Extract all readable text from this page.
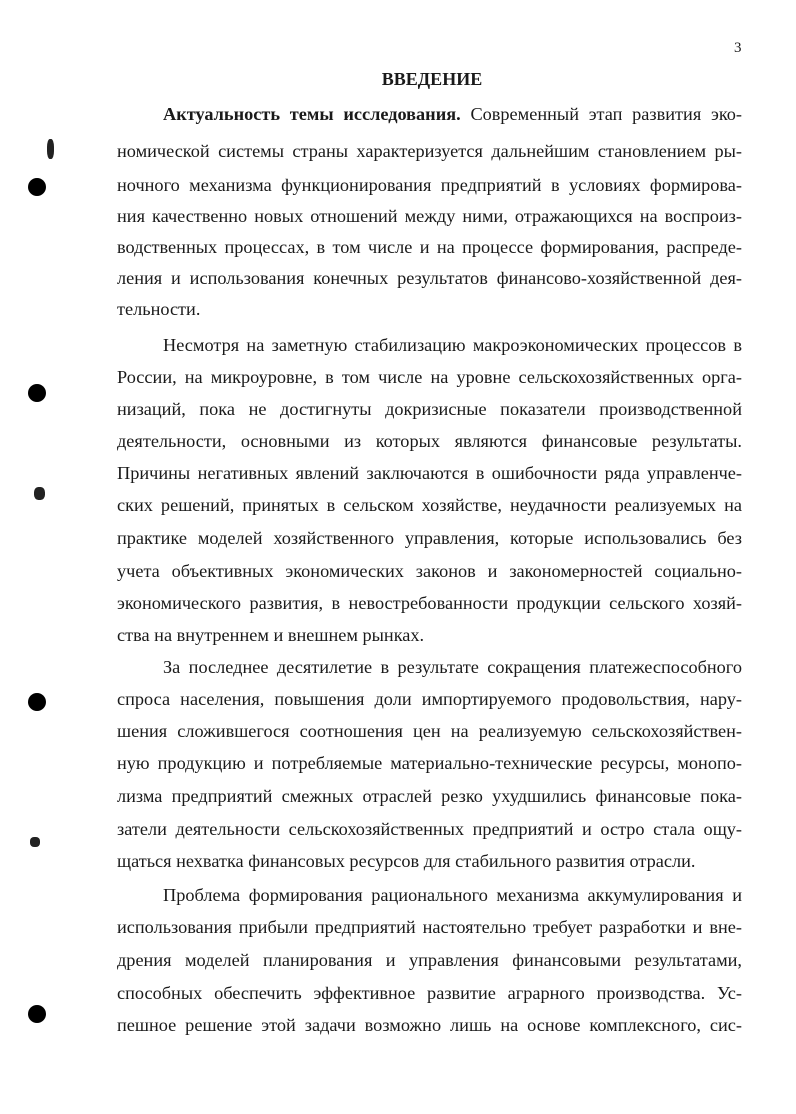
3
ВВЕДЕНИЕ
Актуальность темы исследования. Современный этап развития эко-
номической системы страны характеризуется дальнейшим становлением ры-
ночного механизма функционирования предприятий в условиях формирова-
ния качественно новых отношений между ними, отражающихся на воспроиз-
водственных процессах, в том числе и на процессе формирования, распреде-
ления и использования конечных результатов финансово-хозяйственной дея-
тельности.
Несмотря на заметную стабилизацию макроэкономических процессов в
России, на микроуровне, в том числе на уровне сельскохозяйственных орга-
низаций, пока не достигнуты докризисные показатели производственной
деятельности, основными из которых являются финансовые результаты.
Причины негативных явлений заключаются в ошибочности ряда управленче-
ских решений, принятых в сельском хозяйстве, неудачности реализуемых на
практике моделей хозяйственного управления, которые использовались без
учета объективных экономических законов и закономерностей социально-
экономического развития, в невостребованности продукции сельского хозяй-
ства на внутреннем и внешнем рынках.
За последнее десятилетие в результате сокращения платежеспособного
спроса населения, повышения доли импортируемого продовольствия, нару-
шения сложившегося соотношения цен на реализуемую сельскохозяйствен-
ную продукцию и потребляемые материально-технические ресурсы, монопо-
лизма предприятий смежных отраслей резко ухудшились финансовые пока-
затели деятельности сельскохозяйственных предприятий и остро стала ощу-
щаться нехватка финансовых ресурсов для стабильного развития отрасли.
Проблема формирования рационального механизма аккумулирования и
использования прибыли предприятий настоятельно требует разработки и вне-
дрения моделей планирования и управления финансовыми результатами,
способных обеспечить эффективное развитие аграрного производства. Ус-
пешное решение этой задачи возможно лишь на основе комплексного, сис-
